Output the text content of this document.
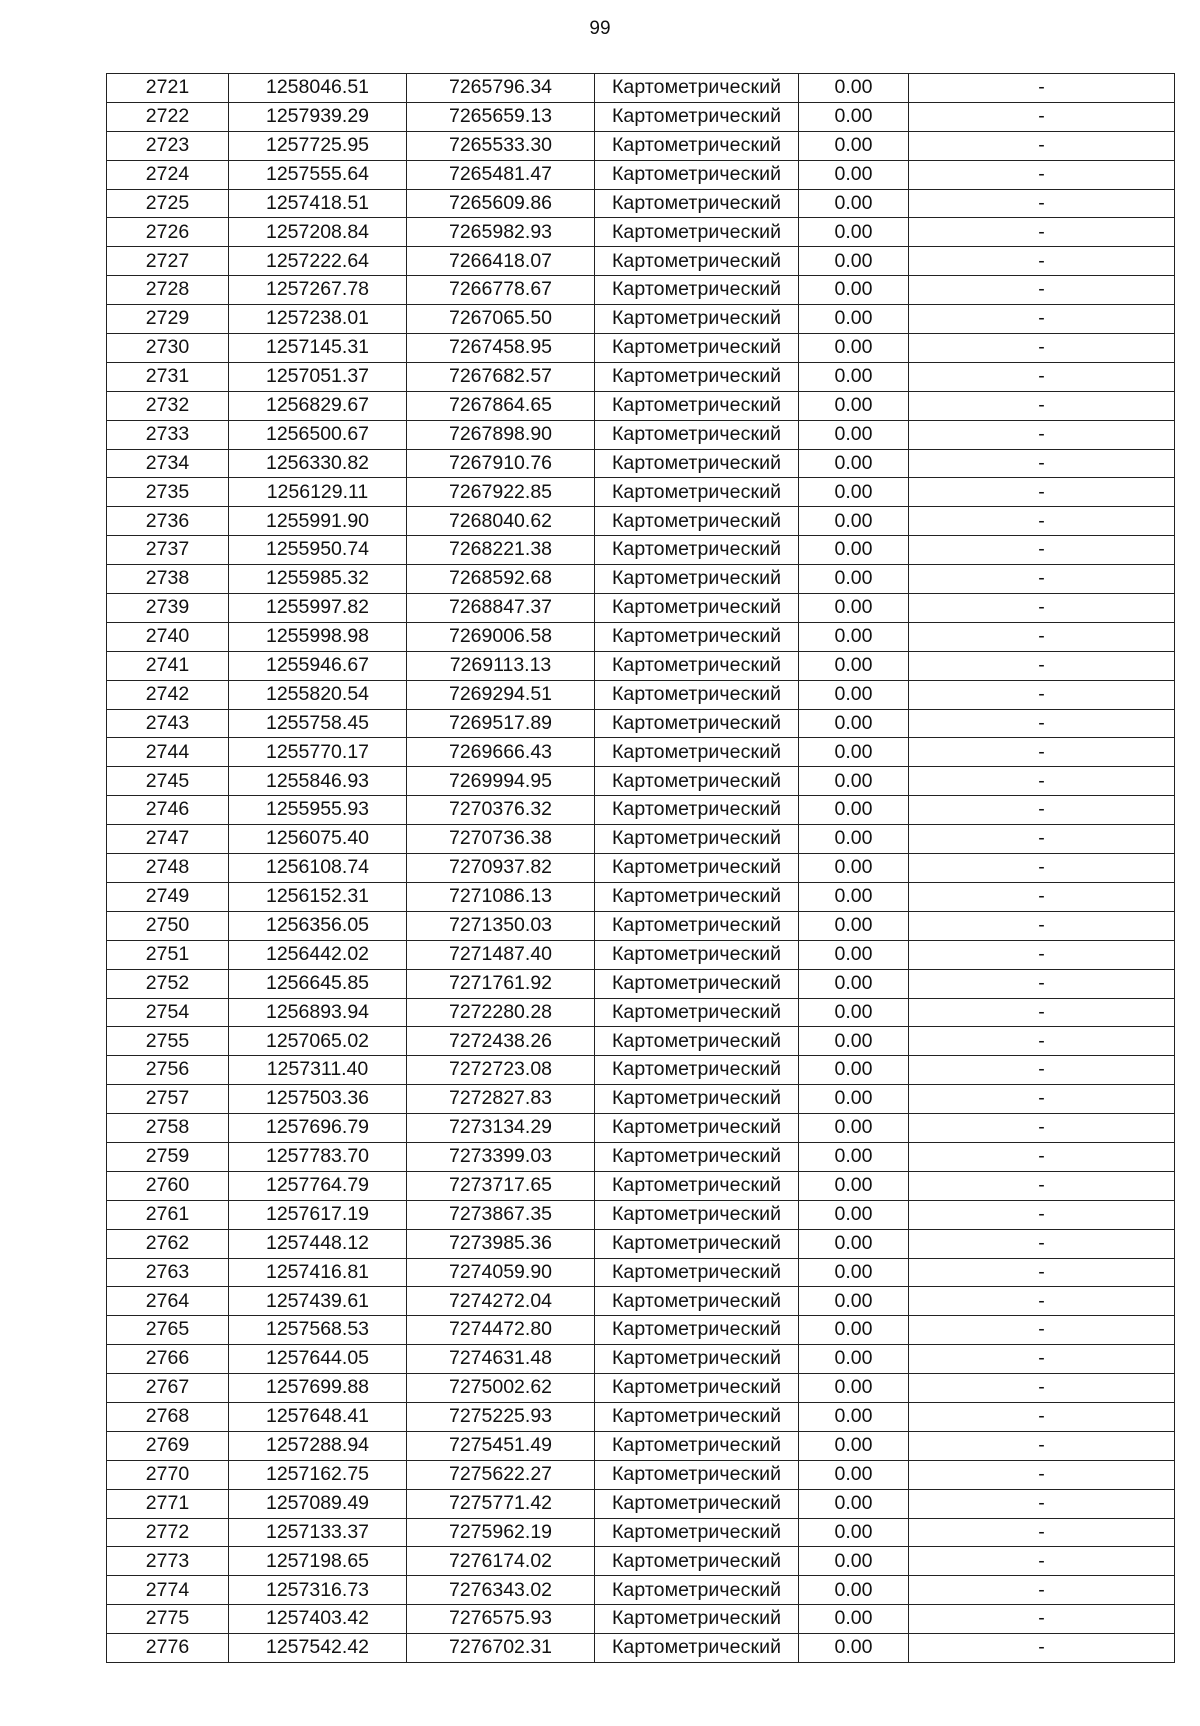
99
2721	1258046.51	7265796.34	Картометрический	0.00	-
2722	1257939.29	7265659.13	Картометрический	0.00	-
2723	1257725.95	7265533.30	Картометрический	0.00	-
2724	1257555.64	7265481.47	Картометрический	0.00	-
2725	1257418.51	7265609.86	Картометрический	0.00	-
2726	1257208.84	7265982.93	Картометрический	0.00	-
2727	1257222.64	7266418.07	Картометрический	0.00	-
2728	1257267.78	7266778.67	Картометрический	0.00	-
2729	1257238.01	7267065.50	Картометрический	0.00	-
2730	1257145.31	7267458.95	Картометрический	0.00	-
2731	1257051.37	7267682.57	Картометрический	0.00	-
2732	1256829.67	7267864.65	Картометрический	0.00	-
2733	1256500.67	7267898.90	Картометрический	0.00	-
2734	1256330.82	7267910.76	Картометрический	0.00	-
2735	1256129.11	7267922.85	Картометрический	0.00	-
2736	1255991.90	7268040.62	Картометрический	0.00	-
2737	1255950.74	7268221.38	Картометрический	0.00	-
2738	1255985.32	7268592.68	Картометрический	0.00	-
2739	1255997.82	7268847.37	Картометрический	0.00	-
2740	1255998.98	7269006.58	Картометрический	0.00	-
2741	1255946.67	7269113.13	Картометрический	0.00	-
2742	1255820.54	7269294.51	Картометрический	0.00	-
2743	1255758.45	7269517.89	Картометрический	0.00	-
2744	1255770.17	7269666.43	Картометрический	0.00	-
2745	1255846.93	7269994.95	Картометрический	0.00	-
2746	1255955.93	7270376.32	Картометрический	0.00	-
2747	1256075.40	7270736.38	Картометрический	0.00	-
2748	1256108.74	7270937.82	Картометрический	0.00	-
2749	1256152.31	7271086.13	Картометрический	0.00	-
2750	1256356.05	7271350.03	Картометрический	0.00	-
2751	1256442.02	7271487.40	Картометрический	0.00	-
2752	1256645.85	7271761.92	Картометрический	0.00	-
2754	1256893.94	7272280.28	Картометрический	0.00	-
2755	1257065.02	7272438.26	Картометрический	0.00	-
2756	1257311.40	7272723.08	Картометрический	0.00	-
2757	1257503.36	7272827.83	Картометрический	0.00	-
2758	1257696.79	7273134.29	Картометрический	0.00	-
2759	1257783.70	7273399.03	Картометрический	0.00	-
2760	1257764.79	7273717.65	Картометрический	0.00	-
2761	1257617.19	7273867.35	Картометрический	0.00	-
2762	1257448.12	7273985.36	Картометрический	0.00	-
2763	1257416.81	7274059.90	Картометрический	0.00	-
2764	1257439.61	7274272.04	Картометрический	0.00	-
2765	1257568.53	7274472.80	Картометрический	0.00	-
2766	1257644.05	7274631.48	Картометрический	0.00	-
2767	1257699.88	7275002.62	Картометрический	0.00	-
2768	1257648.41	7275225.93	Картометрический	0.00	-
2769	1257288.94	7275451.49	Картометрический	0.00	-
2770	1257162.75	7275622.27	Картометрический	0.00	-
2771	1257089.49	7275771.42	Картометрический	0.00	-
2772	1257133.37	7275962.19	Картометрический	0.00	-
2773	1257198.65	7276174.02	Картометрический	0.00	-
2774	1257316.73	7276343.02	Картометрический	0.00	-
2775	1257403.42	7276575.93	Картометрический	0.00	-
2776	1257542.42	7276702.31	Картометрический	0.00	-
